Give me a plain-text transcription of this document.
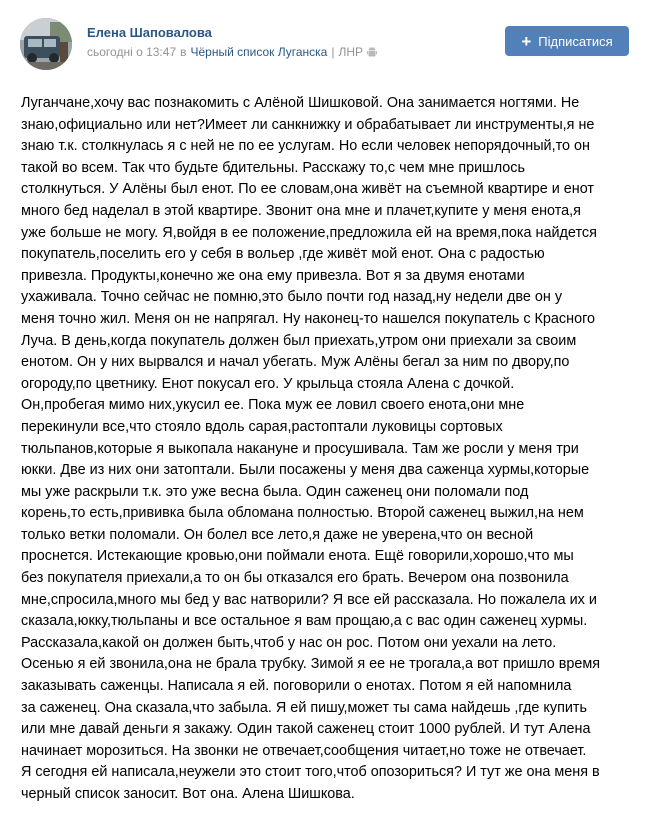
Елена Шаповалова
сьогодні о 13:47 в Чёрный список Луганска | ЛНР
+ Підписатися
Луганчане,хочу вас познакомить с Алёной Шишковой. Она занимается ногтями. Не
знаю,официально или нет?Имеет ли санкнижку и обрабатывает ли инструменты,я не
знаю т.к. столкнулась я с ней не по ее услугам. Но если человек непорядочный,то он
такой во всем. Так что будьте бдительны. Расскажу то,с чем мне пришлось
столкнуться. У Алёны был енот. По ее словам,она живёт на съемной квартире и енот
много бед наделал в этой квартире. Звонит она мне и плачет,купите у меня енота,я
уже больше не могу. Я,войдя в ее положение,предложила ей на время,пока найдется
покупатель,поселить его у себя в вольер ,где живёт мой енот. Она с радостью
привезла. Продукты,конечно же она ему привезла. Вот я за двумя енотами
ухаживала. Точно сейчас не помню,это было почти год назад,ну недели две он у
меня точно жил. Меня он не напрягал. Ну наконец-то нашелся покупатель с Красного
Луча. В день,когда покупатель должен был приехать,утром они приехали за своим
енотом. Он у них вырвался и начал убегать. Муж Алёны бегал за ним по двору,по
огороду,по цветнику. Енот покусал его. У крыльца стояла Алена с дочкой.
Он,пробегая мимо них,укусил ее. Пока муж ее ловил своего енота,они мне
перекинули все,что стояло вдоль сарая,растоптали луковицы сортовых
тюльпанов,которые я выкопала накануне и просушивала. Там же росли у меня три
юкки. Две из них они затоптали. Были посажены у меня два саженца хурмы,которые
мы уже раскрыли т.к. это уже весна была. Один саженец они поломали под
корень,то есть,прививка была обломана полностью. Второй саженец выжил,на нем
только ветки поломали. Он болел все лето,я даже не уверена,что он весной
проснется. Истекающие кровью,они поймали енота. Ещё говорили,хорошо,что мы
без покупателя приехали,а то он бы отказался его брать. Вечером она позвонила
мне,спросила,много мы бед у вас натворили? Я все ей рассказала. Но пожалела их и
сказала,юкку,тюльпаны и все остальное я вам прощаю,а с вас один саженец хурмы.
Рассказала,какой он должен быть,чтоб у нас он рос. Потом они уехали на лето.
Осенью я ей звонила,она не брала трубку. Зимой я ее не трогала,а вот пришло время
заказывать саженцы. Написала я ей. поговорили о енотах. Потом я ей напомнила
за саженец. Она сказала,что забыла. Я ей пишу,может ты сама найдешь ,где купить
или мне давай деньги я закажу. Один такой саженец стоит 1000 рублей. И тут Алена
начинает морозиться. На звонки не отвечает,сообщения читает,но тоже не отвечает.
Я сегодня ей написала,неужели это стоит того,чтоб опозориться? И тут же она меня в
черный список заносит. Вот она. Алена Шишкова.
